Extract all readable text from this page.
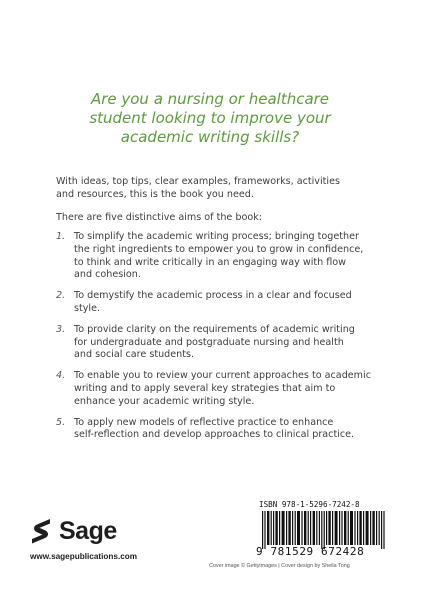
Are you a nursing or healthcare
student looking to improve your
academic writing skills?
With ideas, top tips, clear examples, frameworks, activities
and resources, this is the book you need.
There are five distinctive aims of the book:
1. To simplify the academic writing process; bringing together
the right ingredients to empower you to grow in confidence,
to think and write critically in an engaging way with flow
and cohesion.
2. To demystify the academic process in a clear and focused
style.
3. To provide clarity on the requirements of academic writing
for undergraduate and postgraduate nursing and health
and social care students.
4. To enable you to review your current approaches to academic
writing and to apply several key strategies that aim to
enhance your academic writing style.
5. To apply new models of reflective practice to enhance
self-reflection and develop approaches to clinical practice.
Sage
www.sagepublications.com
ISBN 978-1-5296-7242-8
9 781529 672428
Cover image © Gettyimages | Cover design by Sheila Tong
